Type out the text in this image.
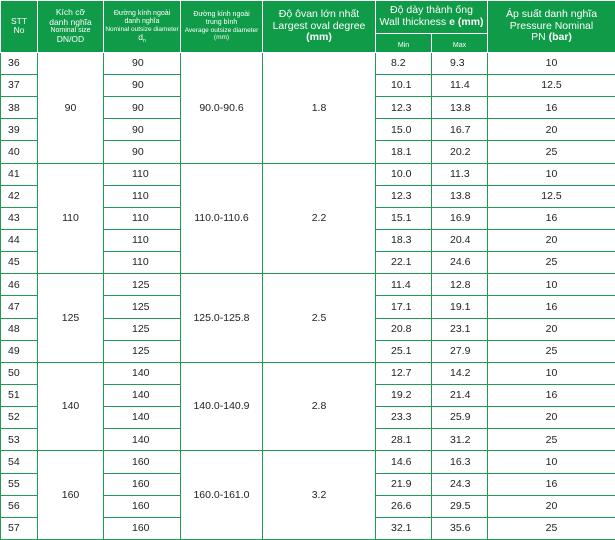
STT
No	Kích cỡ
danh nghĩa
Nominal size
DN/OD	Đường kính ngoài
danh nghĩa
Nominal outsize diameter
$d_n$	Đường kính ngoài
trung bình
Average outsize diameter
(mm)	Độ ôvan lớn nhất
Largest oval degree
(mm)	Độ dày thành ống
Wall thickness e (mm)		Áp suất danh nghĩa
Pressure Nominal
PN (bar)

					Min	Max	
36	90	90	90.0-90.6	1.8	8.2	9.3	10
37		90			10.1	11.4	12.5
38		90			12.3	13.8	16
39		90			15.0	16.7	20
40		90			18.1	20.2	25
41	110	110	110.0-110.6	2.2	10.0	11.3	10
42		110			12.3	13.8	12.5
43		110			15.1	16.9	16
44		110			18.3	20.4	20
45		110			22.1	24.6	25
46	125	125	125.0-125.8	2.5	11.4	12.8	10
47		125			17.1	19.1	16
48		125			20.8	23.1	20
49		125			25.1	27.9	25
50	140	140	140.0-140.9	2.8	12.7	14.2	10
51		140			19.2	21.4	16
52		140			23.3	25.9	20
53		140			28.1	31.2	25
54	160	160	160.0-161.0	3.2	14.6	16.3	10
55		160			21.9	24.3	16
56		160			26.6	29.5	20
57		160			32.1	35.6	25
